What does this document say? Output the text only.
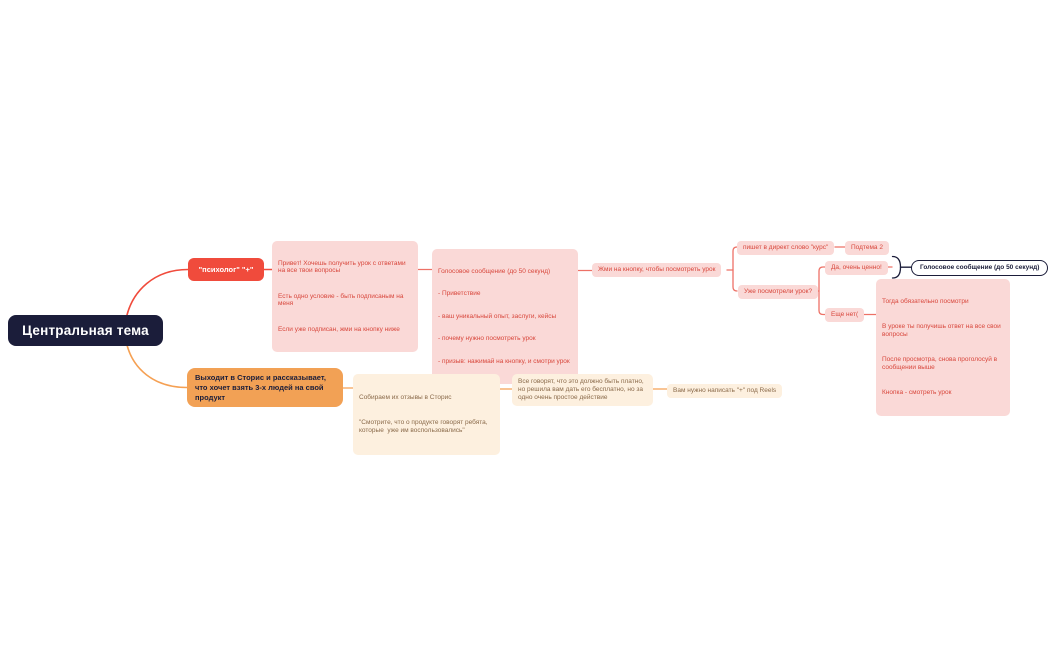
Центральная тема
"психолог" "+"

Привет! Хочешь получить урок с ответами на все твои вопросы

Есть одно условие - быть подписаным на меня

Если уже подписан, жми на кнопку ниже

Голосовое сообщение (до 50 секунд)

- Приветствие

- ваш уникальный опыт, заслуги, кейсы

- почему нужно посмотреть урок

- призыв: нажимай на кнопку, и смотри урок

Жми на кнопку, чтобы посмотреть урок
пишет в директ слово "курс"	Подтема 2
Уже посмотрели урок?
Да, очень ценно!	Голосовое сообщение (до 50 секунд)
Еще нет(

Тогда обязательно посмотри

В уроке ты получишь ответ на все свои вопросы

После просмотра, снова проголосуй в сообщении выше

Кнопка - смотреть урок

Выходит в Сторис и рассказывает, что хочет взять 3-х людей на свой продукт

	Собираем их отзывы в Сторис

"Смотрите, что о продукте говорят ребята, которые  уже им воспользовались"

Все говорят, что это должно быть платно, но решила вам дать его бесплатно, но за одно очень простое действие
Вам нужно написать "+" под Reels
